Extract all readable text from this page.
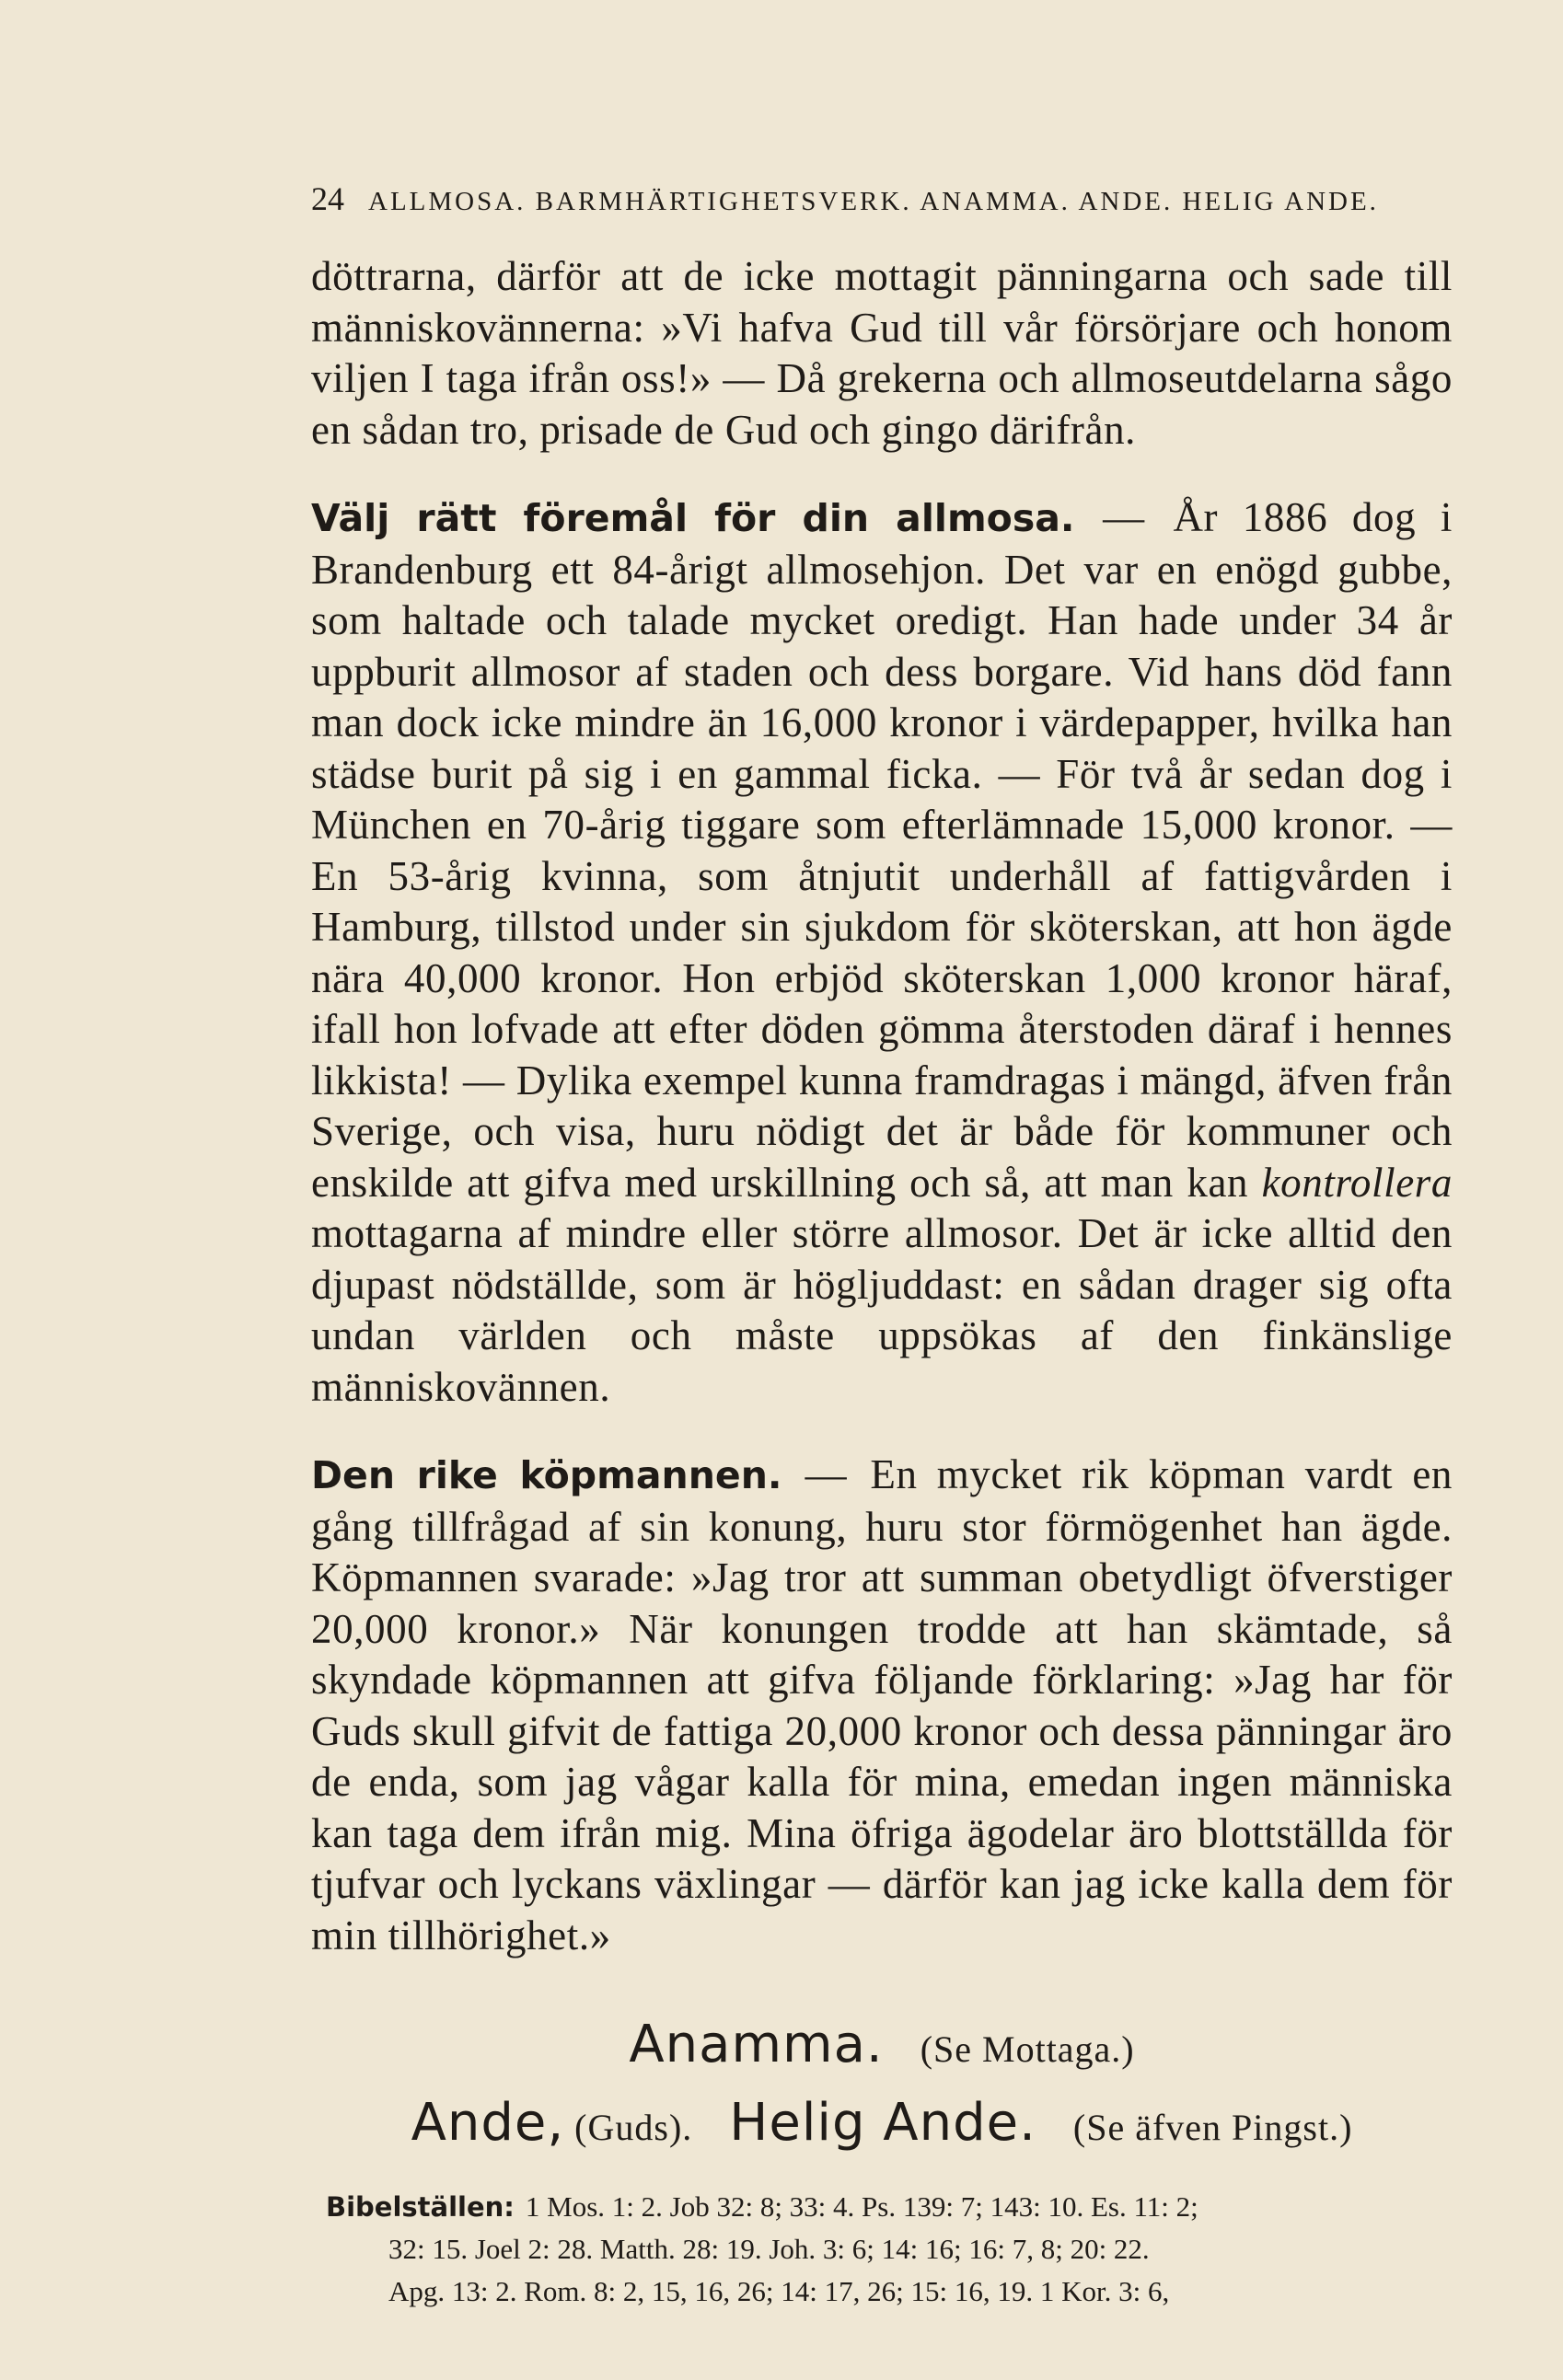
24 ALLMOSA. BARMHÄRTIGHETSVERK. ANAMMA. ANDE. HELIG ANDE.

döttrarna, därför att de icke mottagit pänningarna och sade till människovännerna: »Vi hafva Gud till vår försörjare och honom viljen I taga ifrån oss!» — Då grekerna och allmoseutdelarna sågo en sådan tro, prisade de Gud och gingo därifrån.

Välj rätt föremål för din allmosa. — År 1886 dog i Brandenburg ett 84-årigt allmosehjon. Det var en enögd gubbe, som haltade och talade mycket oredigt. Han hade under 34 år uppburit allmosor af staden och dess borgare. Vid hans död fann man dock icke mindre än 16,000 kronor i värdepapper, hvilka han städse burit på sig i en gammal ficka. — För två år sedan dog i München en 70-årig tiggare som efterlämnade 15,000 kronor. — En 53-årig kvinna, som åtnjutit underhåll af fattigvården i Hamburg, tillstod under sin sjukdom för sköterskan, att hon ägde nära 40,000 kronor. Hon erbjöd sköterskan 1,000 kronor häraf, ifall hon lofvade att efter döden gömma återstoden däraf i hennes likkista! — Dylika exempel kunna framdragas i mängd, äfven från Sverige, och visa, huru nödigt det är både för kommuner och enskilde att gifva med urskillning och så, att man kan kontrollera mottagarna af mindre eller större allmosor. Det är icke alltid den djupast nödställde, som är högljuddast: en sådan drager sig ofta undan världen och måste uppsökas af den finkänslige människovännen.

Den rike köpmannen. — En mycket rik köpman vardt en gång tillfrågad af sin konung, huru stor förmögenhet han ägde. Köpmannen svarade: »Jag tror att summan obetydligt öfverstiger 20,000 kronor.» När konungen trodde att han skämtade, så skyndade köpmannen att gifva följande förklaring: »Jag har för Guds skull gifvit de fattiga 20,000 kronor och dessa pänningar äro de enda, som jag vågar kalla för mina, emedan ingen människa kan taga dem ifrån mig. Mina öfriga ägodelar äro blottställda för tjufvar och lyckans växlingar — därför kan jag icke kalla dem för min tillhörighet.»

Anamma. (Se Mottaga.)
Ande, (Guds). Helig Ande. (Se äfven Pingst.)
Bibelställen: 1 Mos. 1: 2. Job 32: 8; 33: 4. Ps. 139: 7; 143: 10. Es. 11: 2;
32: 15. Joel 2: 28. Matth. 28: 19. Joh. 3: 6; 14: 16; 16: 7, 8; 20: 22.
Apg. 13: 2. Rom. 8: 2, 15, 16, 26; 14: 17, 26; 15: 16, 19. 1 Kor. 3: 6,
